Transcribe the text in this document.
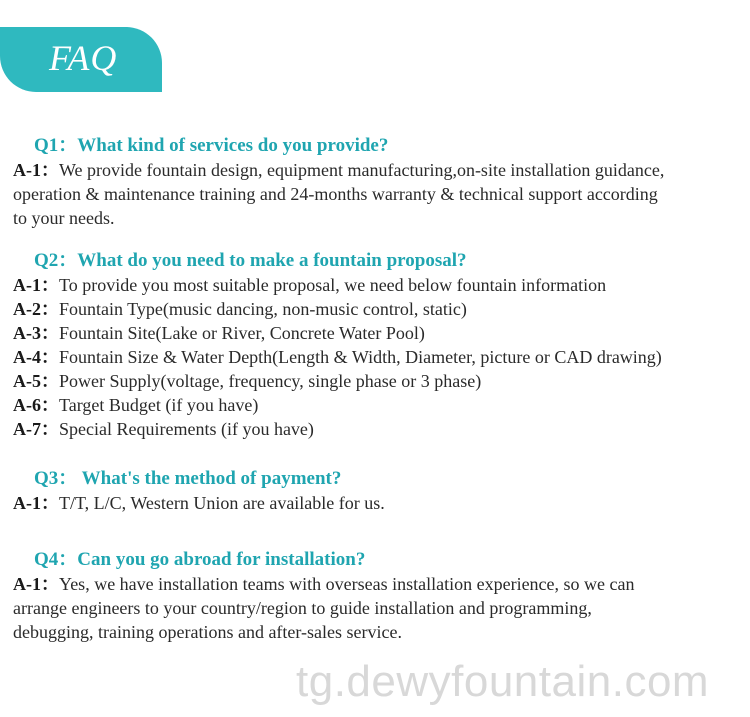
FAQ
Q1：What kind of services do you provide?
A-1：We provide fountain design, equipment manufacturing,on-site installation guidance,
operation & maintenance training and 24-months warranty & technical support according
to your needs.
Q2：What do you need to make a fountain proposal?
A-1：To provide you most suitable proposal, we need below fountain information
A-2：Fountain Type(music dancing, non-music control, static)
A-3：Fountain Site(Lake or River, Concrete Water Pool)
A-4：Fountain Size & Water Depth(Length & Width, Diameter, picture or CAD drawing)
A-5：Power Supply(voltage, frequency, single phase or 3 phase)
A-6：Target Budget (if you have)
A-7：Special Requirements (if you have)
Q3： What's the method of payment?
A-1：T/T, L/C, Western Union are available for us.
Q4：Can you go abroad for installation?
A-1：Yes, we have installation teams with overseas installation experience, so we can
arrange engineers to your country/region to guide installation and programming,
debugging, training operations and after-sales service.
tg.dewyfountain.com
